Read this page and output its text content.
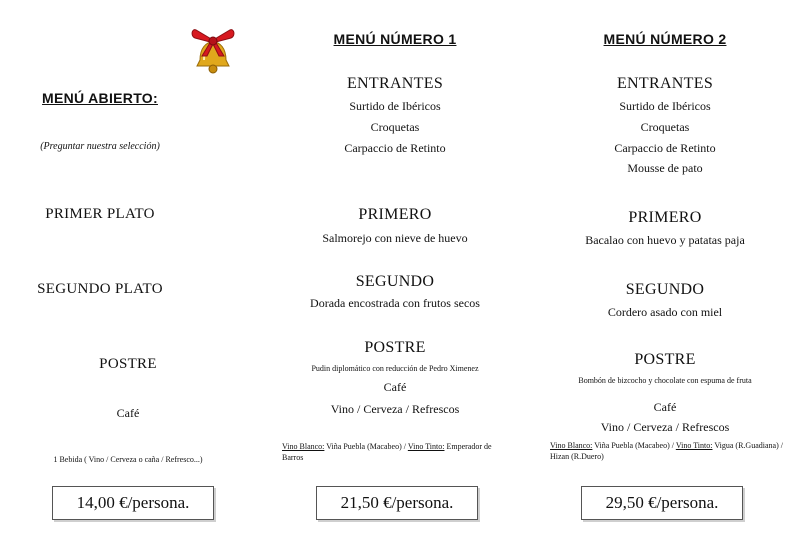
MENÚ ABIERTO:
(Preguntar nuestra selección)
PRIMER PLATO
SEGUNDO PLATO
POSTRE
Café
1 Bebida ( Vino / Cerveza o caña / Refresco...)
14,00 €/persona.
MENÚ NÚMERO 1
ENTRANTES
Surtido de Ibéricos
Croquetas
Carpaccio de Retinto
PRIMERO
Salmorejo con nieve de huevo
SEGUNDO
Dorada encostrada con frutos secos
POSTRE
Pudin diplomático con reducción de Pedro Ximenez
Café
Vino / Cerveza / Refrescos
Vino Blanco: Viña Puebla (Macabeo) / Vino Tinto: Emperador de Barros
21,50 €/persona.
MENÚ NÚMERO 2
ENTRANTES
Surtido de Ibéricos
Croquetas
Carpaccio de Retinto
Mousse de pato
PRIMERO
Bacalao con huevo y patatas paja
SEGUNDO
Cordero asado con miel
POSTRE
Bombón de bizcocho y chocolate con espuma de fruta
Café
Vino / Cerveza / Refrescos
Vino Blanco: Viña Puebla (Macabeo) / Vino Tinto: Vigua (R.Guadiana) / Hizan (R.Duero)
29,50 €/persona.
